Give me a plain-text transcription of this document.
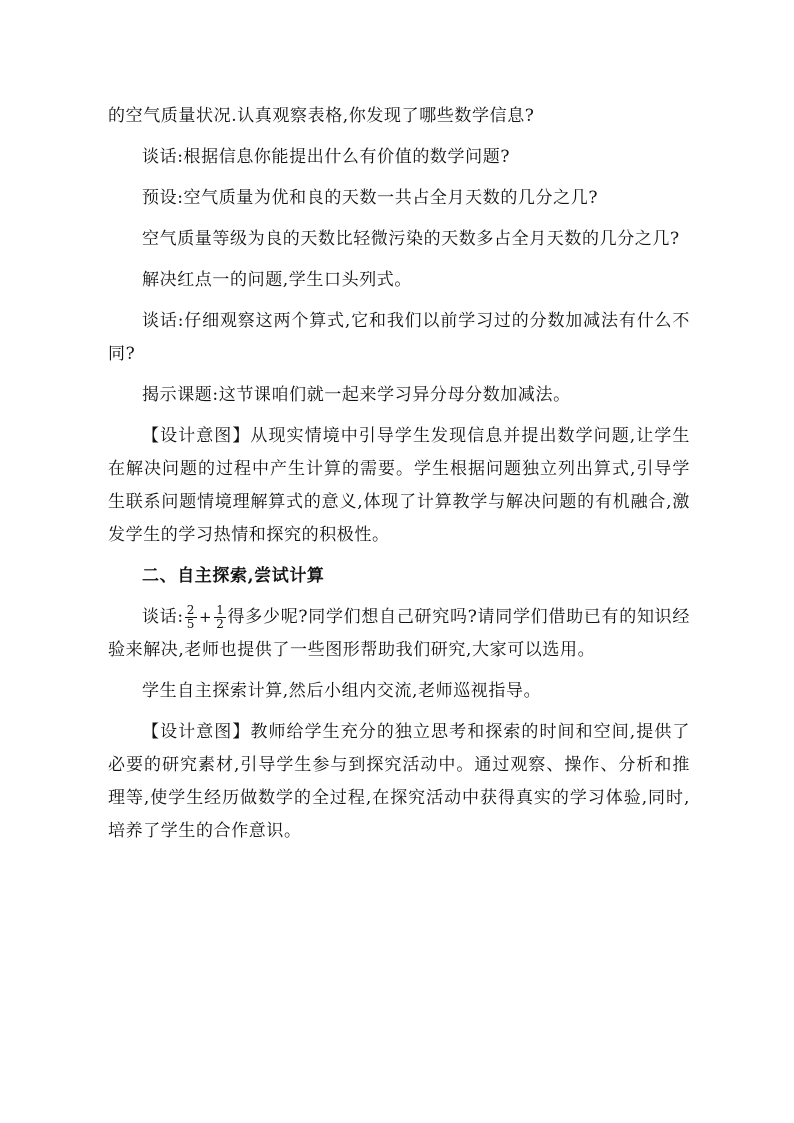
的空气质量状况.认真观察表格,你发现了哪些数学信息?

谈话:根据信息你能提出什么有价值的数学问题?

预设:空气质量为优和良的天数一共占全月天数的几分之几?

空气质量等级为良的天数比轻微污染的天数多占全月天数的几分之几?

解决红点一的问题,学生口头列式。

谈话:仔细观察这两个算式,它和我们以前学习过的分数加减法有什么不同?

揭示课题:这节课咱们就一起来学习异分母分数加减法。

【设计意图】从现实情境中引导学生发现信息并提出数学问题,让学生在解决问题的过程中产生计算的需要。学生根据问题独立列出算式,引导学生联系问题情境理解算式的意义,体现了计算教学与解决问题的有机融合,激发学生的学习热情和探究的积极性。

二、自主探索,尝试计算

谈话: $\frac{2}{5} + \frac{1}{2}$ 得多少呢?同学们想自己研究吗?请同学们借助已有的知识经验来解决,老师也提供了一些图形帮助我们研究,大家可以选用。

学生自主探索计算,然后小组内交流,老师巡视指导。

【设计意图】教师给学生充分的独立思考和探索的时间和空间,提供了必要的研究素材,引导学生参与到探究活动中。通过观察、操作、分析和推理等,使学生经历做数学的全过程,在探究活动中获得真实的学习体验,同时,培养了学生的合作意识。
